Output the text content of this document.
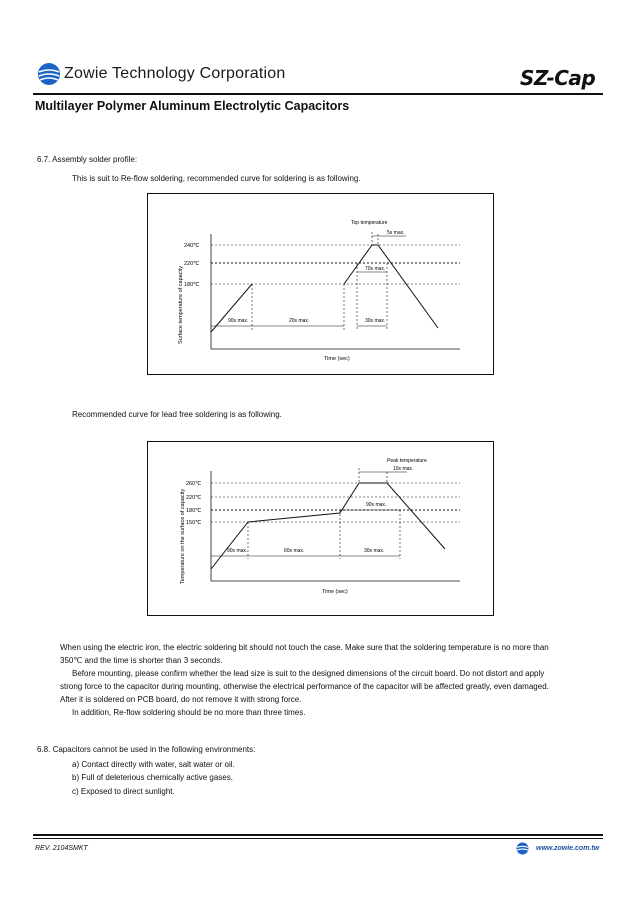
Zowie Technology Corporation	SZ-Cap
Multilayer Polymer Aluminum Electrolytic Capacitors
6.7. Assembly solder profile:
This is suit to Re-flow soldering, recommended curve for soldering is as following.
240℃
220℃
180℃
Surface temperature of capacity	90s max.	20s max.	30s max.
70s max.
5s max.
Top temperature
Time (sec)
Recommended curve for lead free soldering is as following.
260℃
220℃
180℃
150℃
Temperature on the surface of capacity	90s max.	60s max.	30s max.
90s max.
10s max.
Peak temperature
Time (sec)
When using the electric iron, the electric soldering bit should not touch the case. Make sure that the soldering temperature is no more than
350℃ and the time is shorter than 3 seconds.
Before mounting, please confirm whether the lead size is suit to the designed dimensions of the circuit board. Do not distort and apply
strong force to the capacitor during mounting, otherwise the electrical performance of the capacitor will be affected greatly, even damaged.
After it is soldered on PCB board, do not remove it with strong force.
In addition, Re-flow soldering should be no more than three times.
6.8. Capacitors cannot be used in the following environments:
a) Contact directly with water, salt water or oil.
b) Full of deleterious chemically active gases.
c) Exposed to direct sunlight.
REV. 2104SMKT	www.zowie.com.tw
